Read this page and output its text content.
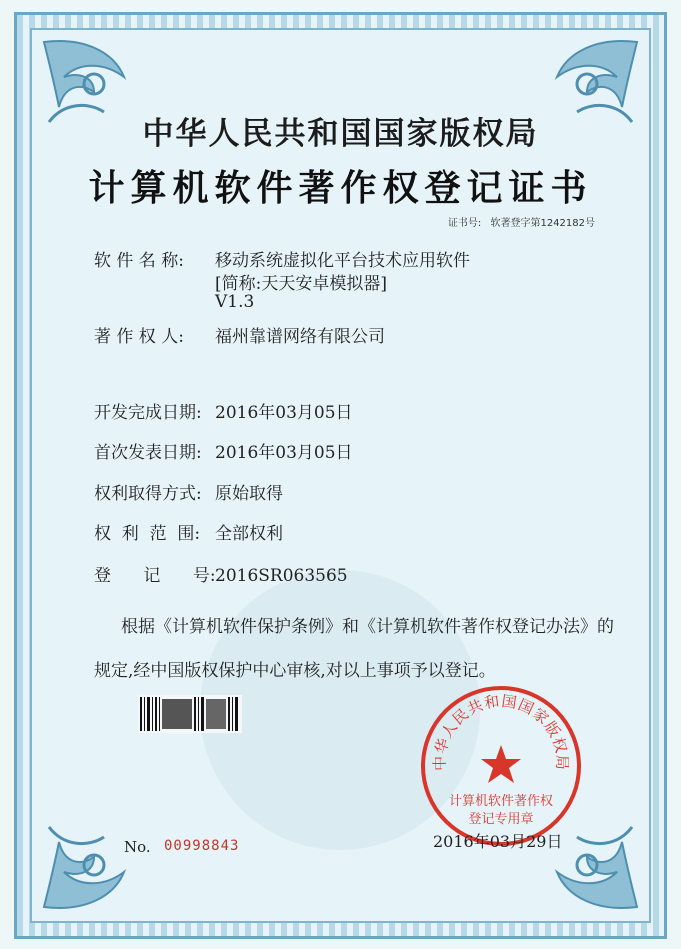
中华人民共和国国家版权局
计算机软件著作权登记证书
证书号: 软著登字第1242182号
软 件 名 称: 移动系统虚拟化平台技术应用软件
[简称:天天安卓模拟器]
V1.3
著 作 权 人: 福州靠谱网络有限公司
开发完成日期: 2016年03月05日
首次发表日期: 2016年03月05日
权利取得方式: 原始取得
权  利  范  围: 全部权利
登      记      号:2016SR063565
根据《计算机软件保护条例》和《计算机软件著作权登记办法》的
规定,经中国版权保护中心审核,对以上事项予以登记。
No. 00998843
中华人民共和国国家版权局
计算机软件著作权
登记专用章
2016年03月29日
